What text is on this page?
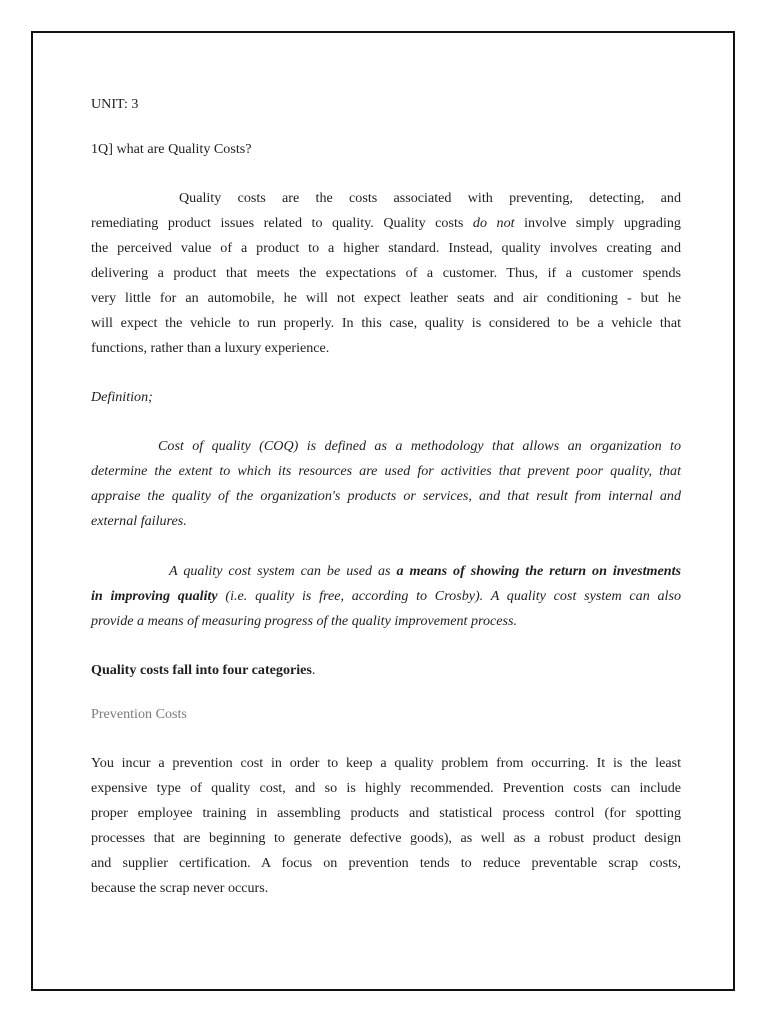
UNIT: 3

1Q] what are Quality Costs?

Quality costs are the costs associated with preventing, detecting, and

remediating product issues related to quality. Quality costs do not involve simply upgrading

the perceived value of a product to a higher standard. Instead, quality involves creating and

delivering a product that meets the expectations of a customer. Thus, if a customer spends

very little for an automobile, he will not expect leather seats and air conditioning - but he

will expect the vehicle to run properly. In this case, quality is considered to be a vehicle that

functions, rather than a luxury experience.

Definition;

Cost of quality (COQ) is defined as a methodology that allows an organization to

determine the extent to which its resources are used for activities that prevent poor quality, that

appraise the quality of the organization's products or services, and that result from internal and

external failures.

A quality cost system can be used as a means of showing the return on investments

in improving quality (i.e. quality is free, according to Crosby). A quality cost system can also

provide a means of measuring progress of the quality improvement process.

Quality costs fall into four categories.

Prevention Costs

You incur a prevention cost in order to keep a quality problem from occurring. It is the least

expensive type of quality cost, and so is highly recommended. Prevention costs can include

proper employee training in assembling products and statistical process control (for spotting

processes that are beginning to generate defective goods), as well as a robust product design

and supplier certification. A focus on prevention tends to reduce preventable scrap costs,

because the scrap never occurs.
